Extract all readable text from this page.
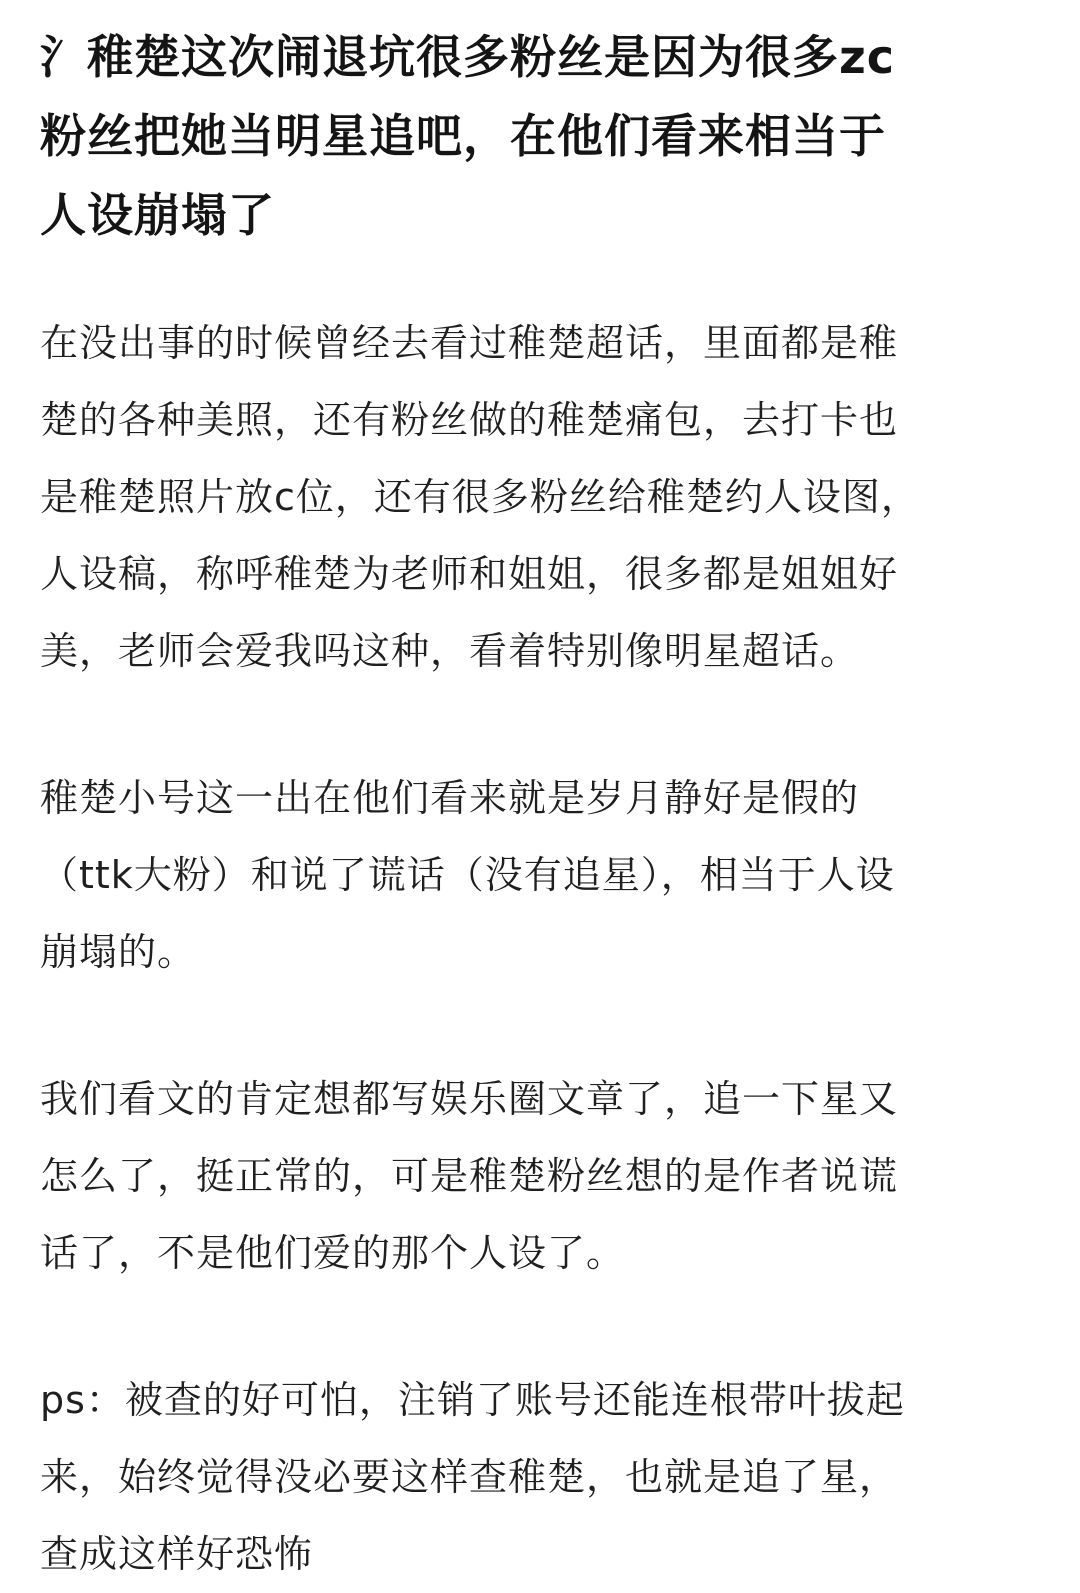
氵稚楚这次闹退坑很多粉丝是因为很多zc
粉丝把她当明星追吧，在他们看来相当于
人设崩塌了

在没出事的时候曾经去看过稚楚超话，里面都是稚
楚的各种美照，还有粉丝做的稚楚痛包，去打卡也
是稚楚照片放c位，还有很多粉丝给稚楚约人设图，
人设稿，称呼稚楚为老师和姐姐，很多都是姐姐好
美，老师会爱我吗这种，看着特别像明星超话。

稚楚小号这一出在他们看来就是岁月静好是假的
（ttk大粉）和说了谎话（没有追星），相当于人设
崩塌的。

我们看文的肯定想都写娱乐圈文章了，追一下星又
怎么了，挺正常的，可是稚楚粉丝想的是作者说谎
话了，不是他们爱的那个人设了。

ps：被查的好可怕，注销了账号还能连根带叶拔起
来，始终觉得没必要这样查稚楚，也就是追了星，
查成这样好恐怖
